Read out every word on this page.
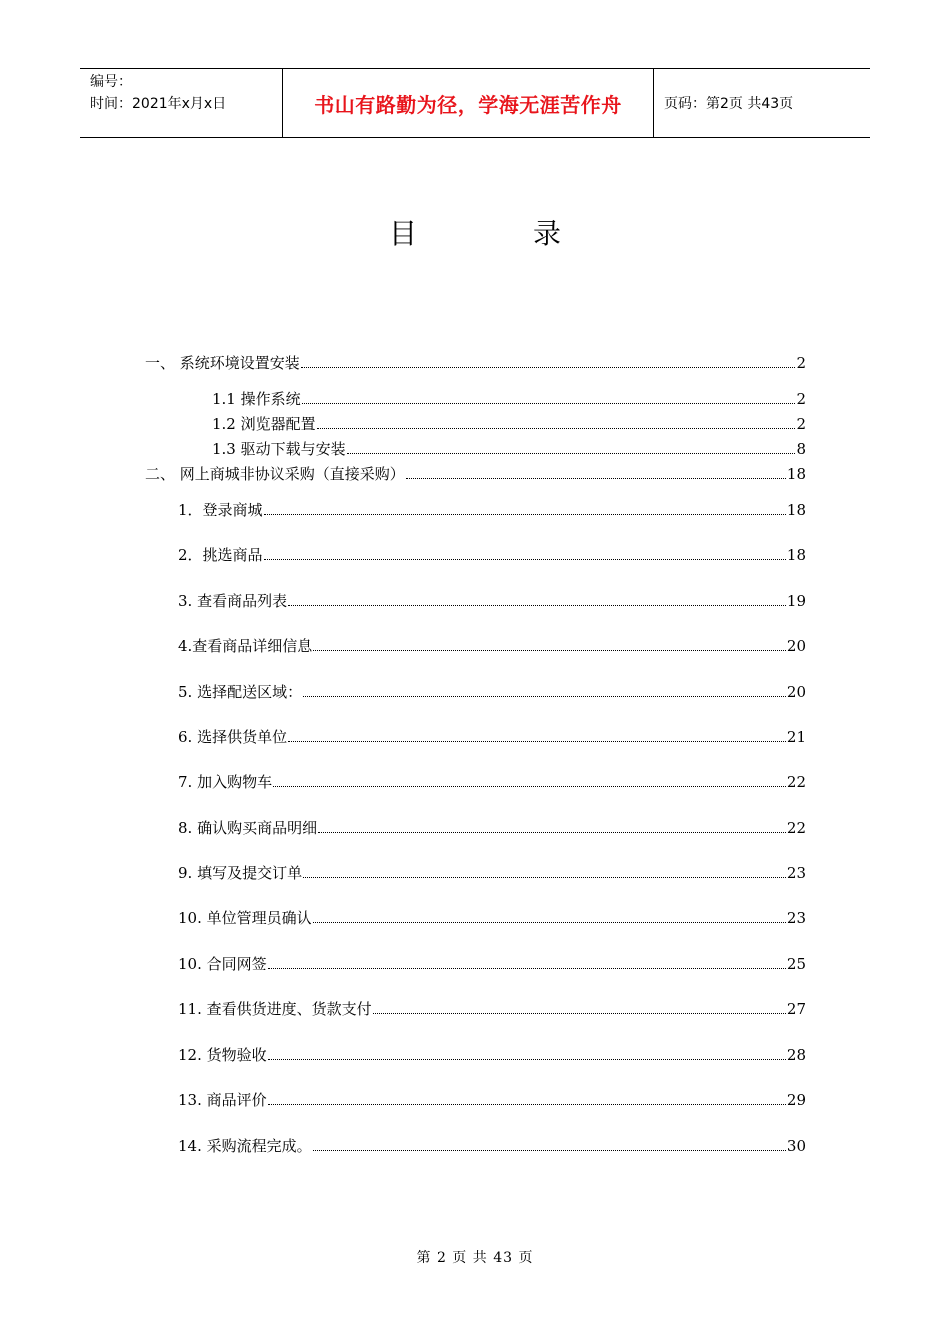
编号：
时间：2021年x月x日	书山有路勤为径，学海无涯苦作舟	页码：第2页 共43页
目	录
一、 系统环境设置安装	2
1.1 操作系统	2
1.2 浏览器配置	2
1.3 驱动下载与安装	8
二、 网上商城非协议采购（直接采购）	18
1．登录商城	18
2．挑选商品	18
3. 查看商品列表	19
4.查看商品详细信息	20
5. 选择配送区域：	20
6. 选择供货单位	21
7. 加入购物车	22
8. 确认购买商品明细	22
9. 填写及提交订单	23
10. 单位管理员确认	23
10. 合同网签	25
11. 查看供货进度、货款支付	27
12. 货物验收	28
13. 商品评价	29
14. 采购流程完成。	30
第 2 页 共 43 页
